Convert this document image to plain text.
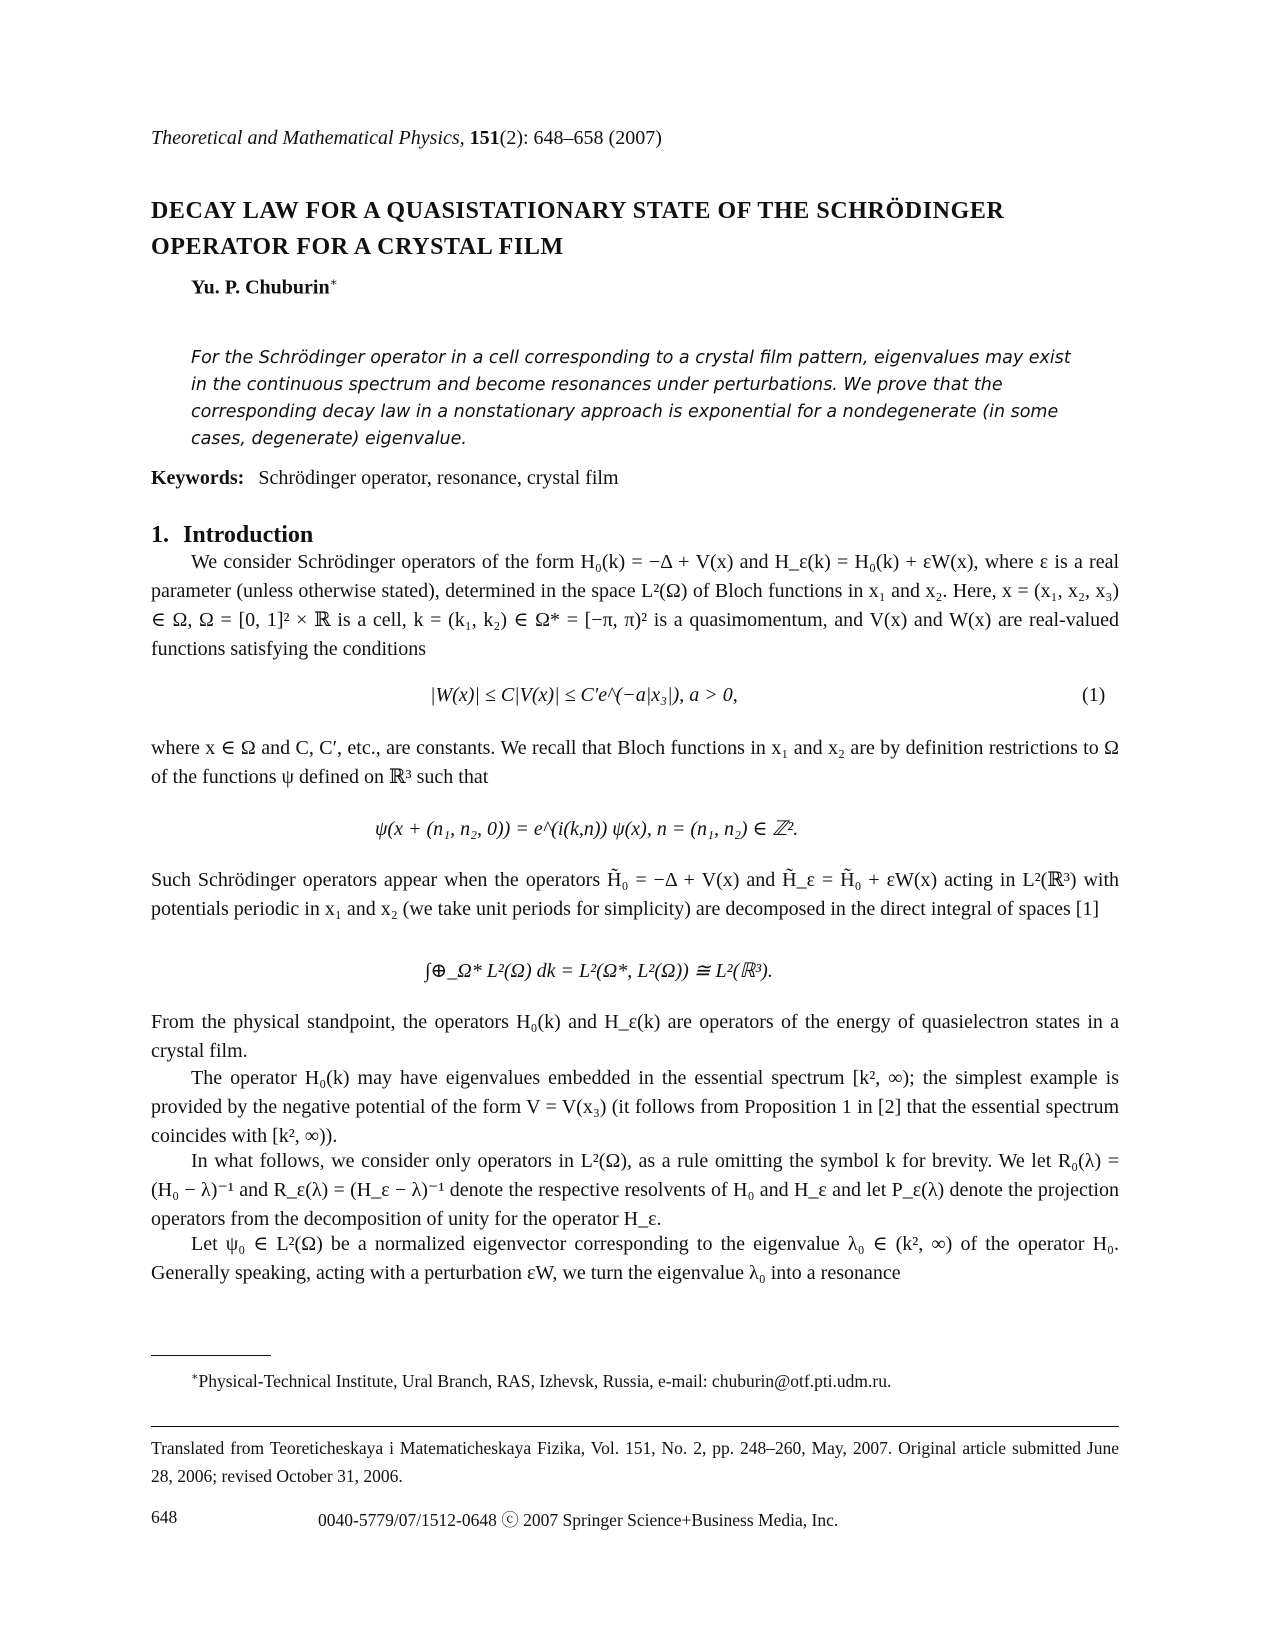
Theoretical and Mathematical Physics, 151(2): 648–658 (2007)
DECAY LAW FOR A QUASISTATIONARY STATE OF THE SCHRÖDINGER OPERATOR FOR A CRYSTAL FILM
Yu. P. Chuburin∗
For the Schrödinger operator in a cell corresponding to a crystal film pattern, eigenvalues may exist in the continuous spectrum and become resonances under perturbations. We prove that the corresponding decay law in a nonstationary approach is exponential for a nondegenerate (in some cases, degenerate) eigenvalue.
Keywords: Schrödinger operator, resonance, crystal film
1. Introduction
We consider Schrödinger operators of the form H₀(k) = −Δ + V(x) and H_ε(k) = H₀(k) + εW(x), where ε is a real parameter (unless otherwise stated), determined in the space L²(Ω) of Bloch functions in x₁ and x₂. Here, x = (x₁, x₂, x₃) ∈ Ω, Ω = [0, 1]² × ℝ is a cell, k = (k₁, k₂) ∈ Ω* = [−π, π)² is a quasimomentum, and V(x) and W(x) are real-valued functions satisfying the conditions
|W(x)| ≤ C|V(x)| ≤ C′e^(−a|x₃|), a > 0,	(1)
where x ∈ Ω and C, C′, etc., are constants. We recall that Bloch functions in x₁ and x₂ are by definition restrictions to Ω of the functions ψ defined on ℝ³ such that
ψ(x + (n₁, n₂, 0)) = e^(i(k,n)) ψ(x), n = (n₁, n₂) ∈ ℤ².
Such Schrödinger operators appear when the operators H̃₀ = −Δ + V(x) and H̃_ε = H̃₀ + εW(x) acting in L²(ℝ³) with potentials periodic in x₁ and x₂ (we take unit periods for simplicity) are decomposed in the direct integral of spaces [1]
∫⊕_Ω* L²(Ω) dk = L²(Ω*, L²(Ω)) ≅ L²(ℝ³).
From the physical standpoint, the operators H₀(k) and H_ε(k) are operators of the energy of quasielectron states in a crystal film.
The operator H₀(k) may have eigenvalues embedded in the essential spectrum [k², ∞); the simplest example is provided by the negative potential of the form V = V(x₃) (it follows from Proposition 1 in [2] that the essential spectrum coincides with [k², ∞)).
In what follows, we consider only operators in L²(Ω), as a rule omitting the symbol k for brevity. We let R₀(λ) = (H₀ − λ)⁻¹ and R_ε(λ) = (H_ε − λ)⁻¹ denote the respective resolvents of H₀ and H_ε and let P_ε(λ) denote the projection operators from the decomposition of unity for the operator H_ε.
Let ψ₀ ∈ L²(Ω) be a normalized eigenvector corresponding to the eigenvalue λ₀ ∈ (k², ∞) of the operator H₀. Generally speaking, acting with a perturbation εW, we turn the eigenvalue λ₀ into a resonance
∗Physical-Technical Institute, Ural Branch, RAS, Izhevsk, Russia, e-mail: chuburin@otf.pti.udm.ru.
Translated from Teoreticheskaya i Matematicheskaya Fizika, Vol. 151, No. 2, pp. 248–260, May, 2007. Original article submitted June 28, 2006; revised October 31, 2006.
648	0040-5779/07/1512-0648 ⓒ 2007 Springer Science+Business Media, Inc.
